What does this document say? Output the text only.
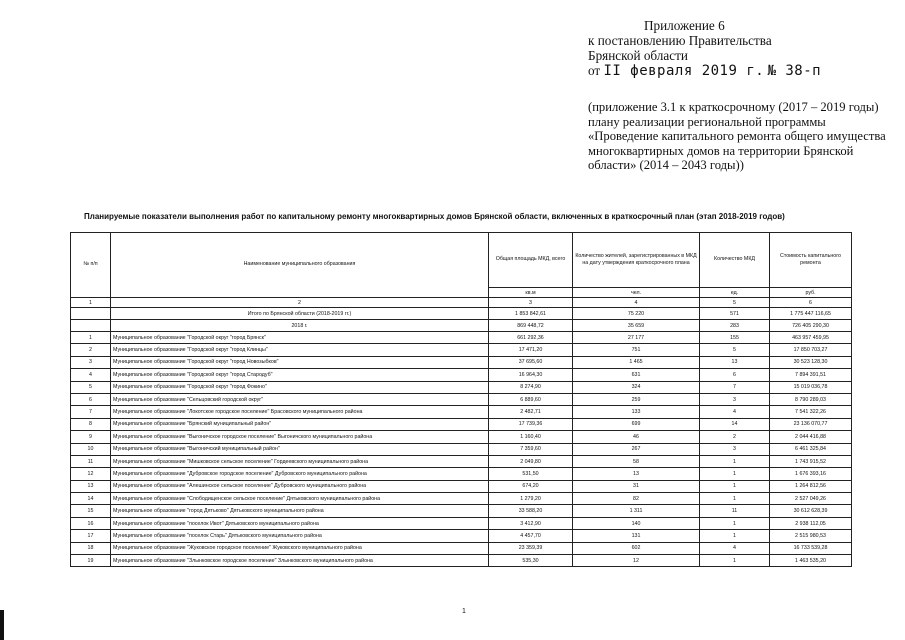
Приложение 6
к постановлению Правительства
Брянской области
от II февраля 2019 г. № 38-п
(приложение 3.1 к краткосрочному (2017 – 2019 годы) плану реализации региональной программы «Проведение капитального ремонта общего имущества многоквартирных домов на территории Брянской области» (2014 – 2043 годы))
Планируемые показатели выполнения работ по капитальному ремонту многоквартирных домов Брянской области, включенных в краткосрочный план (этап 2018-2019 годов)
№ п/п	Наименование муниципального образования	Общая площадь МКД, всего	Количество жителей, зарегистрированных в МКД на дату утверждения краткосрочного плана	Количество МКД	Стоимость капитального ремонта
		кв.м	чел.	ед.	руб.
1	2	3	4	5	6
	Итого по Брянской области (2018-2019 гг.)	1 853 842,61	75 220	571	1 775 447 116,65
	2018 г.	869 448,72	35 659	283	726 405 290,30
1	Муниципальное образование "Городской округ "город Брянск"	661 292,36	27 177	155	463 957 459,95
2	Муниципальное образование "Городской округ "город Клинцы"	17 471,20	751	5	17 850 703,27
3	Муниципальное образование "Городской округ "город Новозыбков"	37 695,60	1 465	13	30 523 128,30
4	Муниципальное образование "Городской округ "город Стародуб"	16 964,30	631	6	7 894 391,51
5	Муниципальное образование "Городской округ "город Фокино"	8 274,90	324	7	15 019 036,78
6	Муниципальное образование "Сельцовский городской округ"	6 889,60	259	3	8 790 289,03
7	Муниципальное образование "Локотское городское поселение" Брасовского муниципального района	2 482,71	133	4	7 541 322,26
8	Муниципальное образование "Брянский муниципальный район"	17 739,36	699	14	23 136 070,77
9	Муниципальное образование "Выгоничское городское поселение" Выгоничского муниципального района	1 160,40	46	2	2 044 416,88
10	Муниципальное образование "Выгоничский муниципальный район"	7 359,60	267	3	6 461 325,84
11	Муниципальное образование "Мишковское сельское поселение" Гордеевского муниципального района	2 049,80	58	1	1 743 915,52
12	Муниципальное образование "Дубровское городское поселение" Дубровского муниципального района	531,50	13	1	1 676 393,16
13	Муниципальное образование "Алешинское сельское поселение" Дубровского муниципального района	674,20	31	1	1 264 812,56
14	Муниципальное образование "Слободищенское сельское поселение" Дятьковского муниципального района	1 279,20	82	1	2 527 049,26
15	Муниципальное образование "город Дятьково" Дятьковского муниципального района	33 588,20	1 311	11	30 612 628,39
16	Муниципальное образование "поселок Ивот" Дятьковского муниципального района	3 412,90	140	1	2 938 112,05
17	Муниципальное образование "поселок Старь" Дятьковского муниципального района	4 457,70	131	1	2 515 980,53
18	Муниципальное образование "Жуковское городское поселение" Жуковского муниципального района	23 359,39	602	4	16 733 539,28
19	Муниципальное образование "Злынковское городское поселение" Злынковского муниципального района	535,30	12	1	1 463 535,20
1
